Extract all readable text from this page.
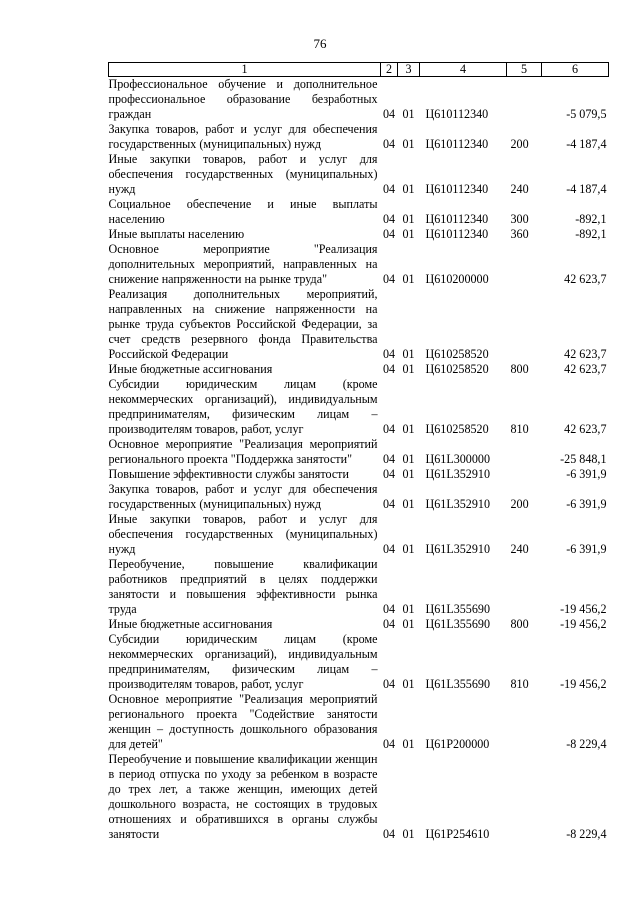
76
1	2	3	4	5	6
Профессиональное обучение и дополнительное профессиональное образование безработных граждан	04	01	Ц610112340		-5 079,5
Закупка товаров, работ и услуг для обеспечения государственных (муниципальных) нужд	04	01	Ц610112340	200	-4 187,4
Иные закупки товаров, работ и услуг для обеспечения государственных (муниципальных) нужд	04	01	Ц610112340	240	-4 187,4
Социальное обеспечение и иные выплаты населению	04	01	Ц610112340	300	-892,1
Иные выплаты населению	04	01	Ц610112340	360	-892,1
Основное мероприятие "Реализация дополнительных мероприятий, направленных на снижение напряженности на рынке труда"	04	01	Ц610200000		42 623,7
Реализация дополнительных мероприятий, направленных на снижение напряженности на рынке труда субъектов Российской Федерации, за счет средств резервного фонда Правительства Российской Федерации	04	01	Ц610258520		42 623,7
Иные бюджетные ассигнования	04	01	Ц610258520	800	42 623,7
Субсидии юридическим лицам (кроме некоммерческих организаций), индивидуальным предпринимателям, физическим лицам – производителям товаров, работ, услуг	04	01	Ц610258520	810	42 623,7
Основное мероприятие "Реализация мероприятий регионального проекта "Поддержка занятости"	04	01	Ц61L300000		-25 848,1
Повышение эффективности службы занятости	04	01	Ц61L352910		-6 391,9
Закупка товаров, работ и услуг для обеспечения государственных (муниципальных) нужд	04	01	Ц61L352910	200	-6 391,9
Иные закупки товаров, работ и услуг для обеспечения государственных (муниципальных) нужд	04	01	Ц61L352910	240	-6 391,9
Переобучение, повышение квалификации работников предприятий в целях поддержки занятости и повышения эффективности рынка труда	04	01	Ц61L355690		-19 456,2
Иные бюджетные ассигнования	04	01	Ц61L355690	800	-19 456,2
Субсидии юридическим лицам (кроме некоммерческих организаций), индивидуальным предпринимателям, физическим лицам – производителям товаров, работ, услуг	04	01	Ц61L355690	810	-19 456,2
Основное мероприятие "Реализация мероприятий регионального проекта "Содействие занятости женщин – доступность дошкольного образования для детей"	04	01	Ц61P200000		-8 229,4
Переобучение и повышение квалификации женщин в период отпуска по уходу за ребенком в возрасте до трех лет, а также женщин, имеющих детей дошкольного возраста, не состоящих в трудовых отношениях и обратившихся в органы службы занятости	04	01	Ц61P254610		-8 229,4
